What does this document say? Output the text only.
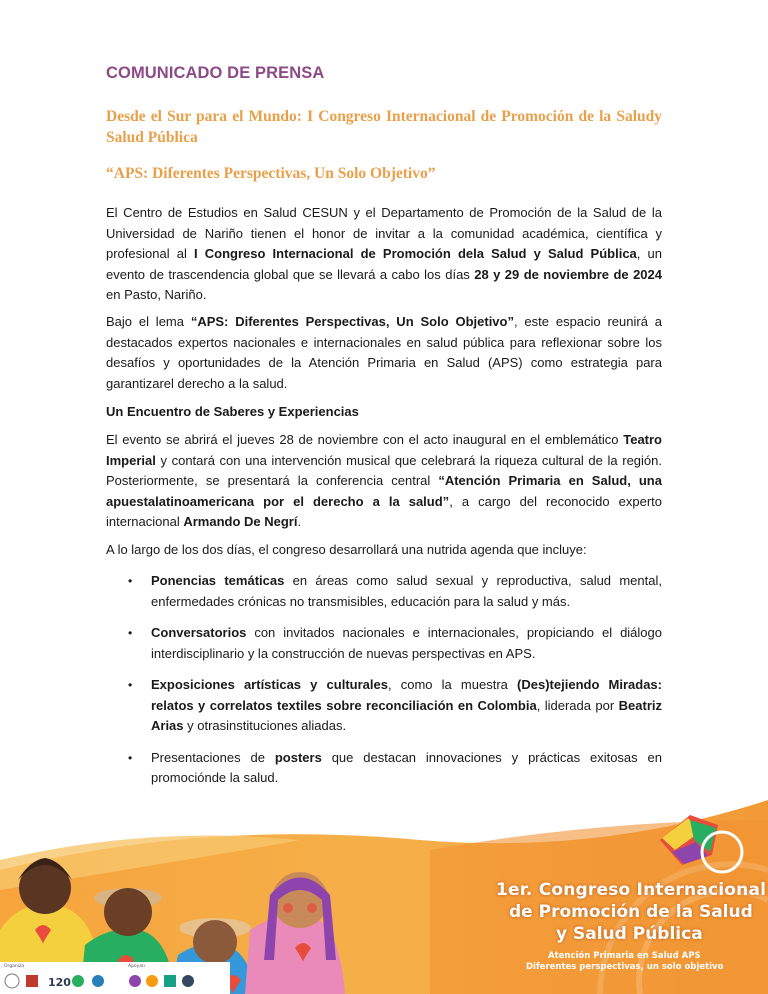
COMUNICADO DE PRENSA
Desde el Sur para el Mundo: I Congreso Internacional de Promoción de la Saludy Salud Pública
“APS: Diferentes Perspectivas, Un Solo Objetivo”
El Centro de Estudios en Salud CESUN y el Departamento de Promoción de la Salud de la Universidad de Nariño tienen el honor de invitar a la comunidad académica, científica y profesional al I Congreso Internacional de Promoción dela Salud y Salud Pública, un evento de trascendencia global que se llevará a cabo los días 28 y 29 de noviembre de 2024 en Pasto, Nariño.
Bajo el lema “APS: Diferentes Perspectivas, Un Solo Objetivo”, este espacio reunirá a destacados expertos nacionales e internacionales en salud pública para reflexionar sobre los desafíos y oportunidades de la Atención Primaria en Salud (APS) como estrategia para garantizarel derecho a la salud.
Un Encuentro de Saberes y Experiencias
El evento se abrirá el jueves 28 de noviembre con el acto inaugural en el emblemático Teatro Imperial y contará con una intervención musical que celebrará la riqueza cultural de la región. Posteriormente, se presentará la conferencia central “Atención Primaria en Salud, una apuestalatinoamericana por el derecho a la salud”, a cargo del reconocido experto internacional Armando De Negrí.
A lo largo de los dos días, el congreso desarrollará una nutrida agenda que incluye:
• Ponencias temáticas en áreas como salud sexual y reproductiva, salud mental, enfermedades crónicas no transmisibles, educación para la salud y más.
• Conversatorios con invitados nacionales e internacionales, propiciando el diálogo interdisciplinario y la construcción de nuevas perspectivas en APS.
• Exposiciones artísticas y culturales, como la muestra (Des)tejiendo Miradas: relatos y correlatos textiles sobre reconciliación en Colombia, liderada por Beatriz Arias y otrasinstituciones aliadas.
• Presentaciones de posters que destacan innovaciones y prácticas exitosas en promociónde la salud.
1er. Congreso Internacional
de Promoción de la Salud
y Salud Pública
Atención Primaria en Salud APS
Diferentes perspectivas, un solo objetivo
Organiza	Apoyan
120
